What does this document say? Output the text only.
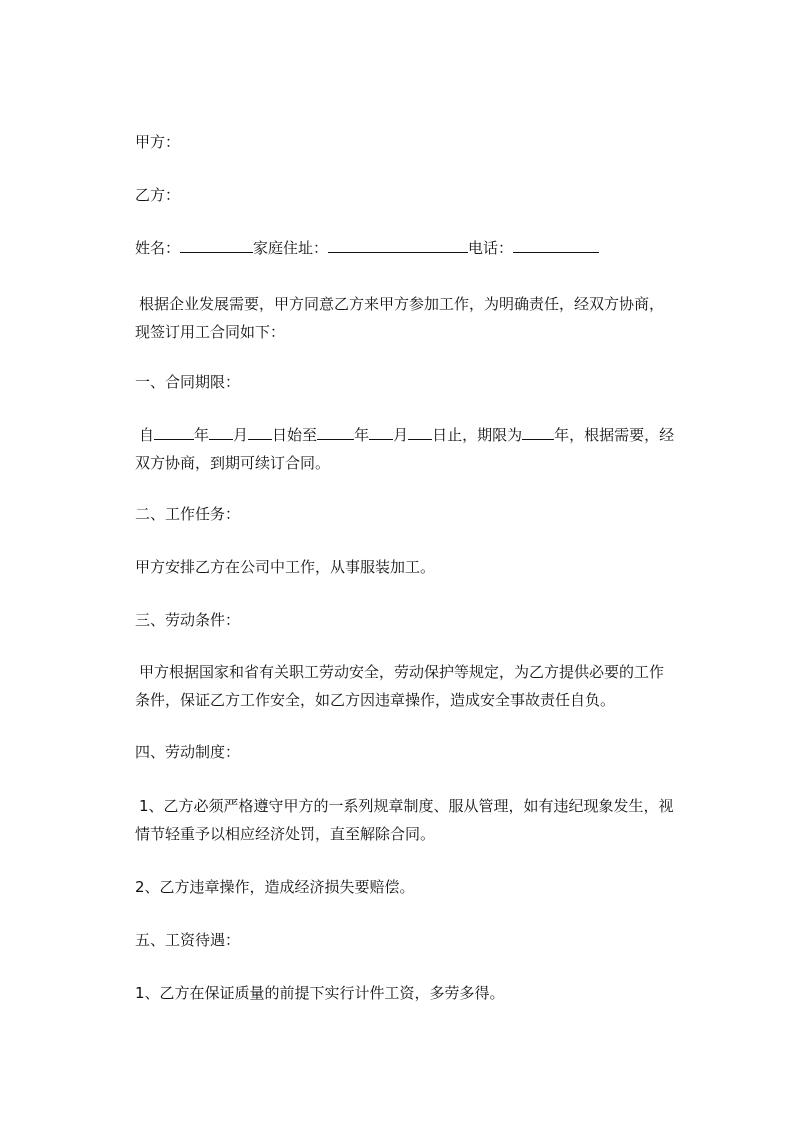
甲方：
乙方：
姓名：	家庭住址：	电话：
根据企业发展需要，甲方同意乙方来甲方参加工作，为明确责任，经双方协商，
现签订用工合同如下：
一、合同期限：
自	年 月 日始至 年 月 日止，期限为 年，根据需要，经
双方协商，到期可续订合同。
二、工作任务：
甲方安排乙方在公司中工作，从事服装加工。
三、劳动条件：
甲方根据国家和省有关职工劳动安全，劳动保护等规定，为乙方提供必要的工作
条件，保证乙方工作安全，如乙方因违章操作，造成安全事故责任自负。
四、劳动制度：
1、乙方必须严格遵守甲方的一系列规章制度、服从管理，如有违纪现象发生，视
情节轻重予以相应经济处罚，直至解除合同。
2、乙方违章操作，造成经济损失要赔偿。
五、工资待遇：
1、乙方在保证质量的前提下实行计件工资，多劳多得。
